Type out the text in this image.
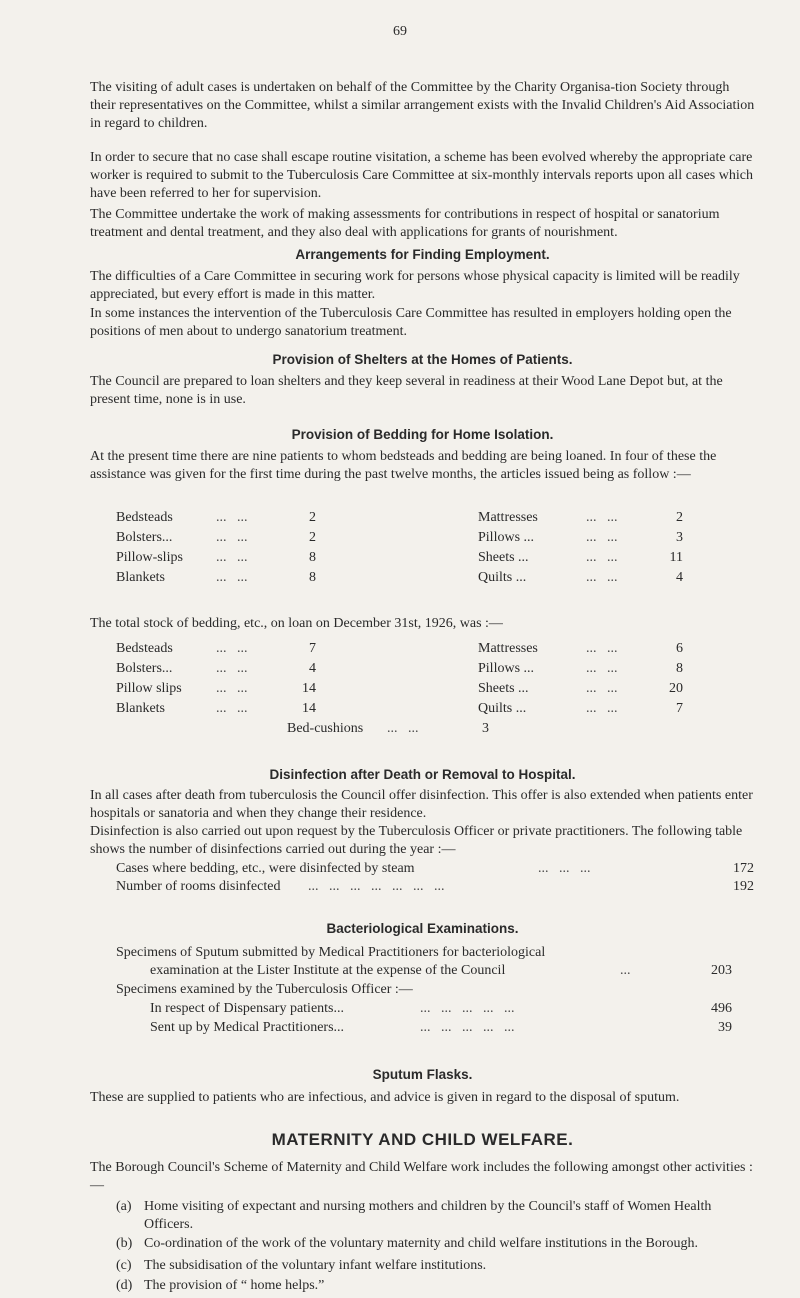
69

The visiting of adult cases is undertaken on behalf of the Committee by the Charity Organisa-tion Society through their representatives on the Committee, whilst a similar arrangement exists with the Invalid Children's Aid Association in regard to children.

In order to secure that no case shall escape routine visitation, a scheme has been evolved whereby the appropriate care worker is required to submit to the Tuberculosis Care Committee at six-monthly intervals reports upon all cases which have been referred to her for supervision.

The Committee undertake the work of making assessments for contributions in respect of hospital or sanatorium treatment and dental treatment, and they also deal with applications for grants of nourishment.

Arrangements for Finding Employment.
The difficulties of a Care Committee in securing work for persons whose physical capacity is limited will be readily appreciated, but every effort is made in this matter.
In some instances the intervention of the Tuberculosis Care Committee has resulted in employers holding open the positions of men about to undergo sanatorium treatment.
Provision of Shelters at the Homes of Patients.
The Council are prepared to loan shelters and they keep several in readiness at their Wood Lane Depot but, at the present time, none is in use.
Provision of Bedding for Home Isolation.
At the present time there are nine patients to whom bedsteads and bedding are being loaned. In four of these the assistance was given for the first time during the past twelve months, the articles issued being as follow :—
Bedsteads	...   ...	2
Bolsters...	...   ...	2
Pillow-slips ...   ...	8
Blankets	...   ...	8
Mattresses	...   ...	2
Pillows ...	...   ...	3
Sheets ...	...   ...	11
Quilts ...	...   ...	4
The total stock of bedding, etc., on loan on December 31st, 1926, was :—
Bedsteads	...   ...	7
Bolsters...	...   ...	4
Pillow slips ...   ...	14
Blankets	...   ...	14
Mattresses	...   ...	6
Pillows ...	...   ...	8
Sheets ...	...   ...	20
Quilts ...	...   ...	7
Bed-cushions ...   ...	3
Disinfection after Death or Removal to Hospital.
In all cases after death from tuberculosis the Council offer disinfection. This offer is also extended when patients enter hospitals or sanatoria and when they change their residence.
Disinfection is also carried out upon request by the Tuberculosis Officer or private practitioners. The following table shows the number of disinfections carried out during the year :—
Cases where bedding, etc., were disinfected by steam	...   ...   ...	172
Number of rooms disinfected ...   ...   ...   ...   ...   ...   ...	192
Bacteriological Examinations.
Specimens of Sputum submitted by Medical Practitioners for bacteriological
examination at the Lister Institute at the expense of the Council	...	203
Specimens examined by the Tuberculosis Officer :—
In respect of Dispensary patients...	...   ...   ...   ...   ...	496
Sent up by Medical Practitioners...	...   ...   ...   ...   ...	39
Sputum Flasks.
These are supplied to patients who are infectious, and advice is given in regard to the disposal of sputum.
MATERNITY AND CHILD WELFARE.
The Borough Council's Scheme of Maternity and Child Welfare work includes the following amongst other activities :—
(a) Home visiting of expectant and nursing mothers and children by the Council's staff of Women Health Officers.
(b) Co-ordination of the work of the voluntary maternity and child welfare institutions in the Borough.
(c) The subsidisation of the voluntary infant welfare institutions.
(d) The provision of “ home helps.”
